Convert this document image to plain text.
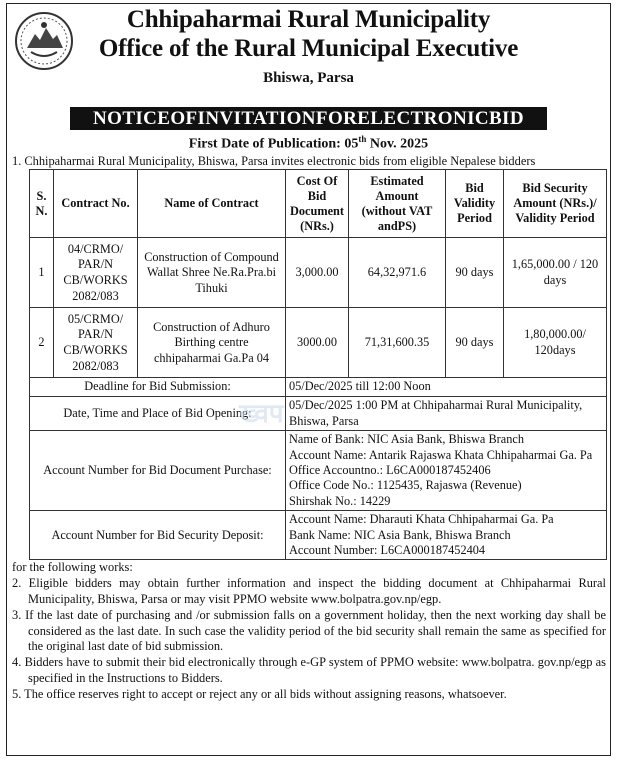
Chhipaharmai Rural Municipality
Office of the Rural Municipal Executive
Bhiswa, Parsa
NOTICEOFINVITATIONFORELECTRONICBID
First Date of Publication: 05th Nov. 2025
1. Chhipaharmai Rural Municipality, Bhiswa, Parsa invites electronic bids from eligible Nepalese bidders
S. N.	Contract No.	Name of Contract	Cost Of Bid Document (NRs.)	Estimated Amount (without VAT andPS)	Bid Validity Period	Bid Security Amount (NRs.)/ Validity Period
1	04/CRMO/ PAR/N CB/WORKS 2082/083	Construction of Compound Wallat Shree Ne.Ra.Pra.bi Tihuki	3,000.00	64,32,971.6	90 days	1,65,000.00 / 120 days
2	05/CRMO/ PAR/N CB/WORKS 2082/083	Construction of Adhuro Birthing centre chhipaharmai Ga.Pa 04	3000.00	71,31,600.35	90 days	1,80,000.00/ 120days
Deadline for Bid Submission:			05/Dec/2025 till 12:00 Noon			
Date, Time and Place of Bid Opening:			05/Dec/2025 1:00 PM at Chhipaharmai Rural Municipality, Bhiswa, Parsa			
Account Number for Bid Document Purchase:			Name of Bank: NIC Asia Bank, Bhiswa Branch
Account Name: Antarik Rajaswa Khata Chhipaharmai Ga. Pa
Office Accountno.: L6CA000187452406
Office Code No.: 1125435, Rajaswa (Revenue)
Shirshak No.: 14229			

Account Number for Bid Security Deposit:			Account Name: Dharauti Khata Chhipaharmai Ga. Pa
Bank Name: NIC Asia Bank, Bhiswa Branch
Account Number: L6CA000187452404			
ख्वप
for the following works:
2. Eligible bidders may obtain further information and inspect the bidding document at Chhipaharmai Rural Municipality, Bhiswa, Parsa or may visit PPMO website www.bolpatra.gov.np/egp.
3. If the last date of purchasing and /or submission falls on a government holiday, then the next working day shall be considered as the last date. In such case the validity period of the bid security shall remain the same as specified for the original last date of bid submission.
4. Bidders have to submit their bid electronically through e-GP system of PPMO website: www.bolpatra. gov.np/egp as specified in the Instructions to Bidders.
5. The office reserves right to accept or reject any or all bids without assigning reasons, whatsoever.
